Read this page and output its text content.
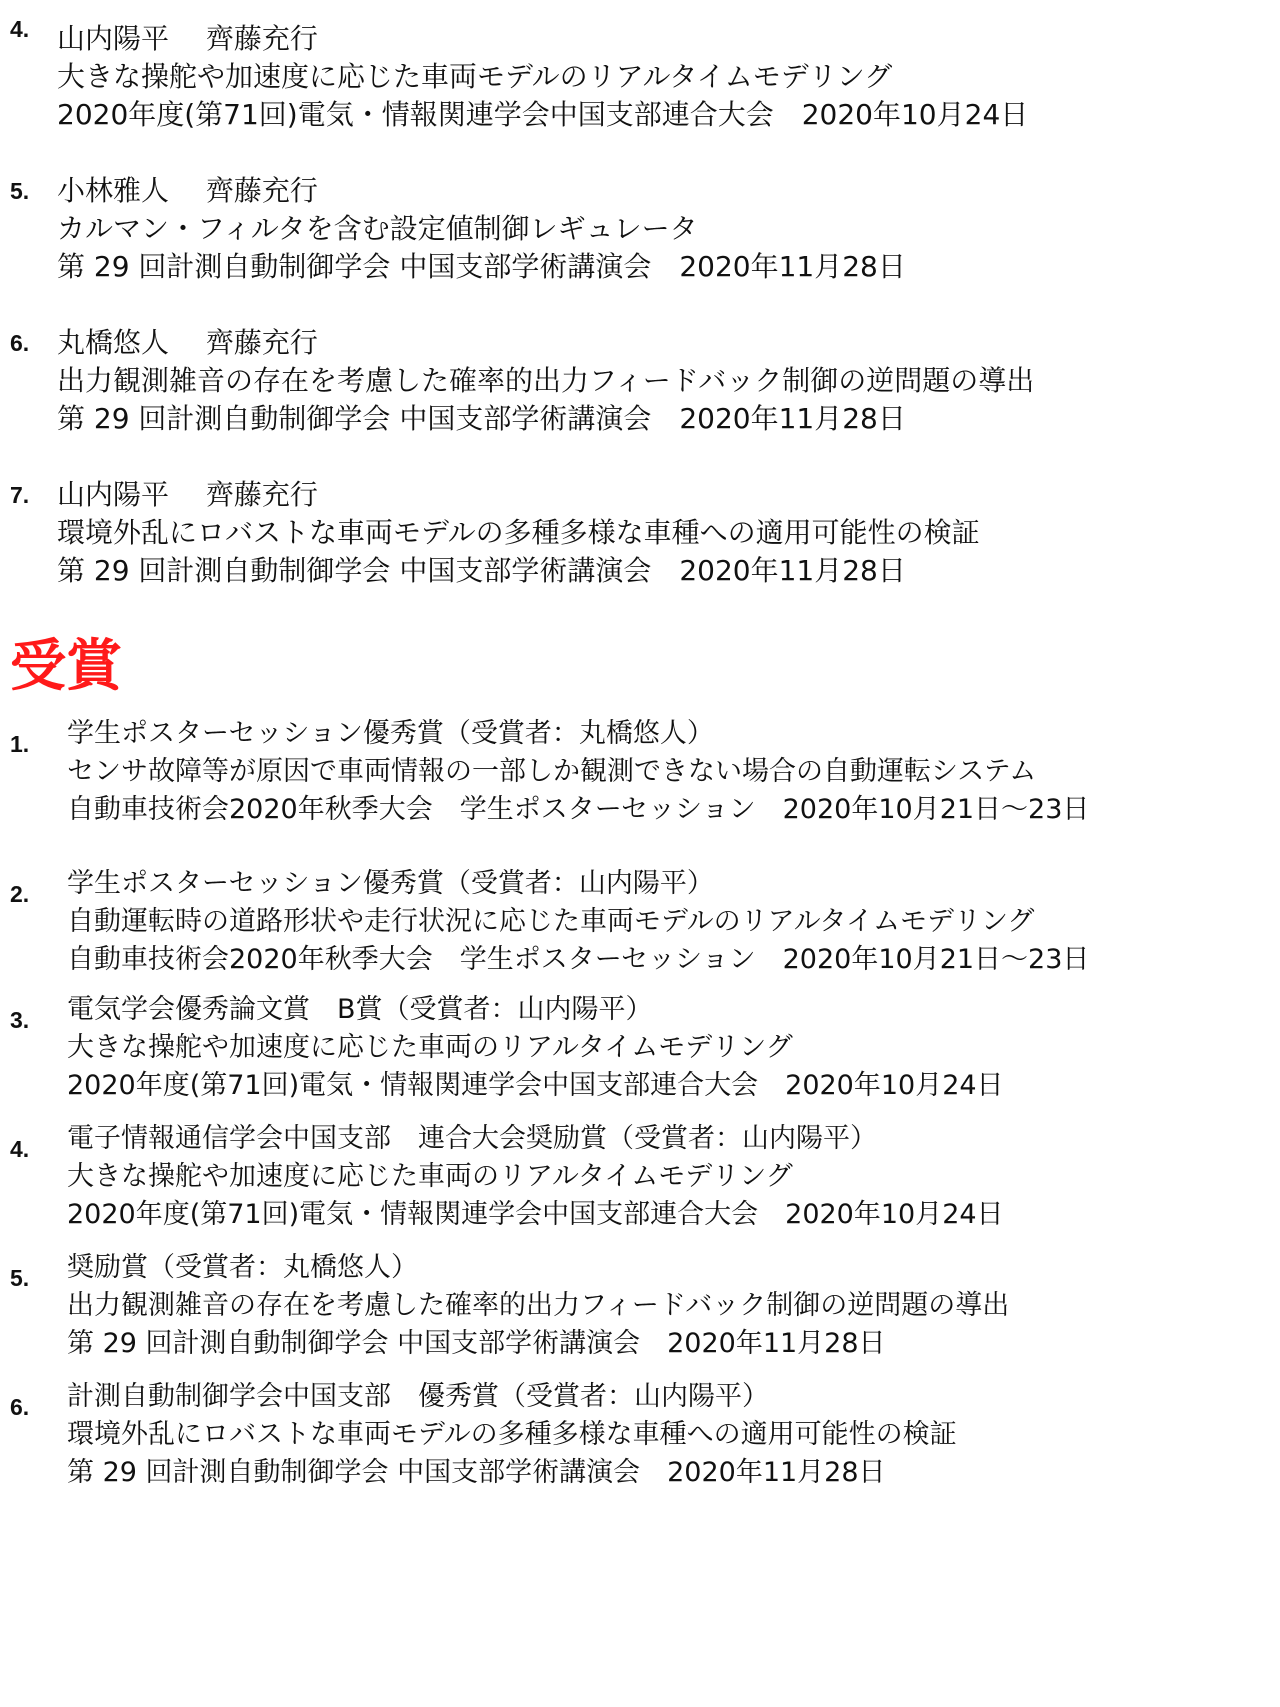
4. 山内陽平　 齊藤充行
大きな操舵や加速度に応じた車両モデルのリアルタイムモデリング
2020年度(第71回)電気・情報関連学会中国支部連合大会　2020年10月24日
5. 小林雅人　 齊藤充行
カルマン・フィルタを含む設定値制御レギュレータ
第 29 回計測自動制御学会 中国支部学術講演会　2020年11月28日
6. 丸橋悠人　 齊藤充行
出力観測雑音の存在を考慮した確率的出力フィードバック制御の逆問題の導出
第 29 回計測自動制御学会 中国支部学術講演会　2020年11月28日
7. 山内陽平　 齊藤充行
環境外乱にロバストな車両モデルの多種多様な車種への適用可能性の検証
第 29 回計測自動制御学会 中国支部学術講演会　2020年11月28日
受賞
1. 学生ポスターセッション優秀賞（受賞者：丸橋悠人）
センサ故障等が原因で車両情報の一部しか観測できない場合の自動運転システム
自動車技術会2020年秋季大会　学生ポスターセッション　2020年10月21日～23日
2. 学生ポスターセッション優秀賞（受賞者：山内陽平）
自動運転時の道路形状や走行状況に応じた車両モデルのリアルタイムモデリング
自動車技術会2020年秋季大会　学生ポスターセッション　2020年10月21日～23日
3. 電気学会優秀論文賞　B賞（受賞者：山内陽平）
大きな操舵や加速度に応じた車両のリアルタイムモデリング
2020年度(第71回)電気・情報関連学会中国支部連合大会　2020年10月24日
4. 電子情報通信学会中国支部　連合大会奨励賞（受賞者：山内陽平）
大きな操舵や加速度に応じた車両のリアルタイムモデリング
2020年度(第71回)電気・情報関連学会中国支部連合大会　2020年10月24日
5. 奨励賞（受賞者：丸橋悠人）
出力観測雑音の存在を考慮した確率的出力フィードバック制御の逆問題の導出
第 29 回計測自動制御学会 中国支部学術講演会　2020年11月28日
6. 計測自動制御学会中国支部　優秀賞（受賞者：山内陽平）
環境外乱にロバストな車両モデルの多種多様な車種への適用可能性の検証
第 29 回計測自動制御学会 中国支部学術講演会　2020年11月28日
